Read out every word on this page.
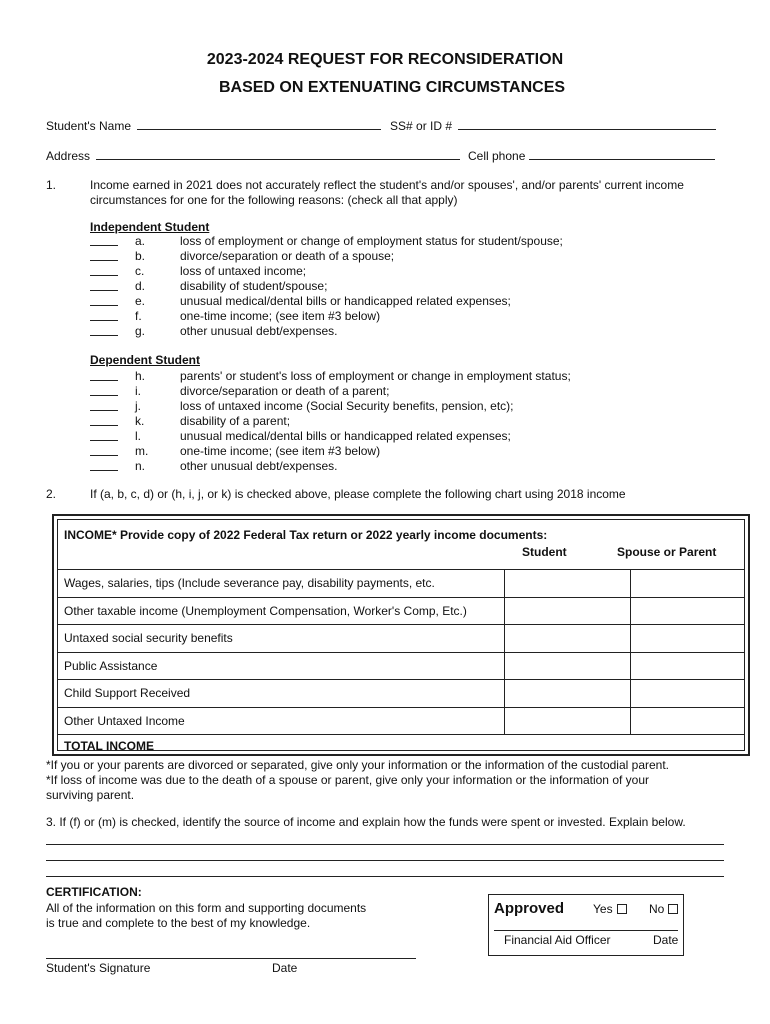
2023-2024 REQUEST FOR RECONSIDERATION
BASED ON EXTENUATING CIRCUMSTANCES
Student's Name	SS# or ID #
Address	Cell phone
1.	Income earned in 2021 does not accurately reflect the student's and/or spouses', and/or parents' current income
circumstances for one for the following reasons: (check all that apply)
Independent Student
a.	loss of employment or change of employment status for student/spouse;
b.	divorce/separation or death of a spouse;
c.	loss of untaxed income;
d.	disability of student/spouse;
e.	unusual medical/dental bills or handicapped related expenses;
f.	one-time income; (see item #3 below)
g.	other unusual debt/expenses.
Dependent Student
h.	parents' or student's loss of employment or change in employment status;
i.	divorce/separation or death of a parent;
j.	loss of untaxed income (Social Security benefits, pension, etc);
k.	disability of a parent;
l.	unusual medical/dental bills or handicapped related expenses;
m.	one-time income; (see item #3 below)
n.	other unusual debt/expenses.
2.	If (a, b, c, d) or (h, i, j, or k) is checked above, please complete the following chart using 2018 income
INCOME* Provide copy of 2022 Federal Tax return or 2022 yearly income documents:
Student	Spouse or Parent
Wages, salaries, tips (Include severance pay, disability payments, etc.
Other taxable income (Unemployment Compensation, Worker's Comp, Etc.)
Untaxed social security benefits
Public Assistance
Child Support Received
Other Untaxed Income
TOTAL INCOME
*If you or your parents are divorced or separated, give only your information or the information of the custodial parent.
*If loss of income was due to the death of a spouse or parent, give only your information or the information of your
surviving parent.
3. If (f) or (m) is checked, identify the source of income and explain how the funds were spent or invested. Explain below.
CERTIFICATION:
All of the information on this form and supporting documents
is true and complete to the best of my knowledge.
Student's Signature	Date
Approved Yes	No
Financial Aid Officer	Date
